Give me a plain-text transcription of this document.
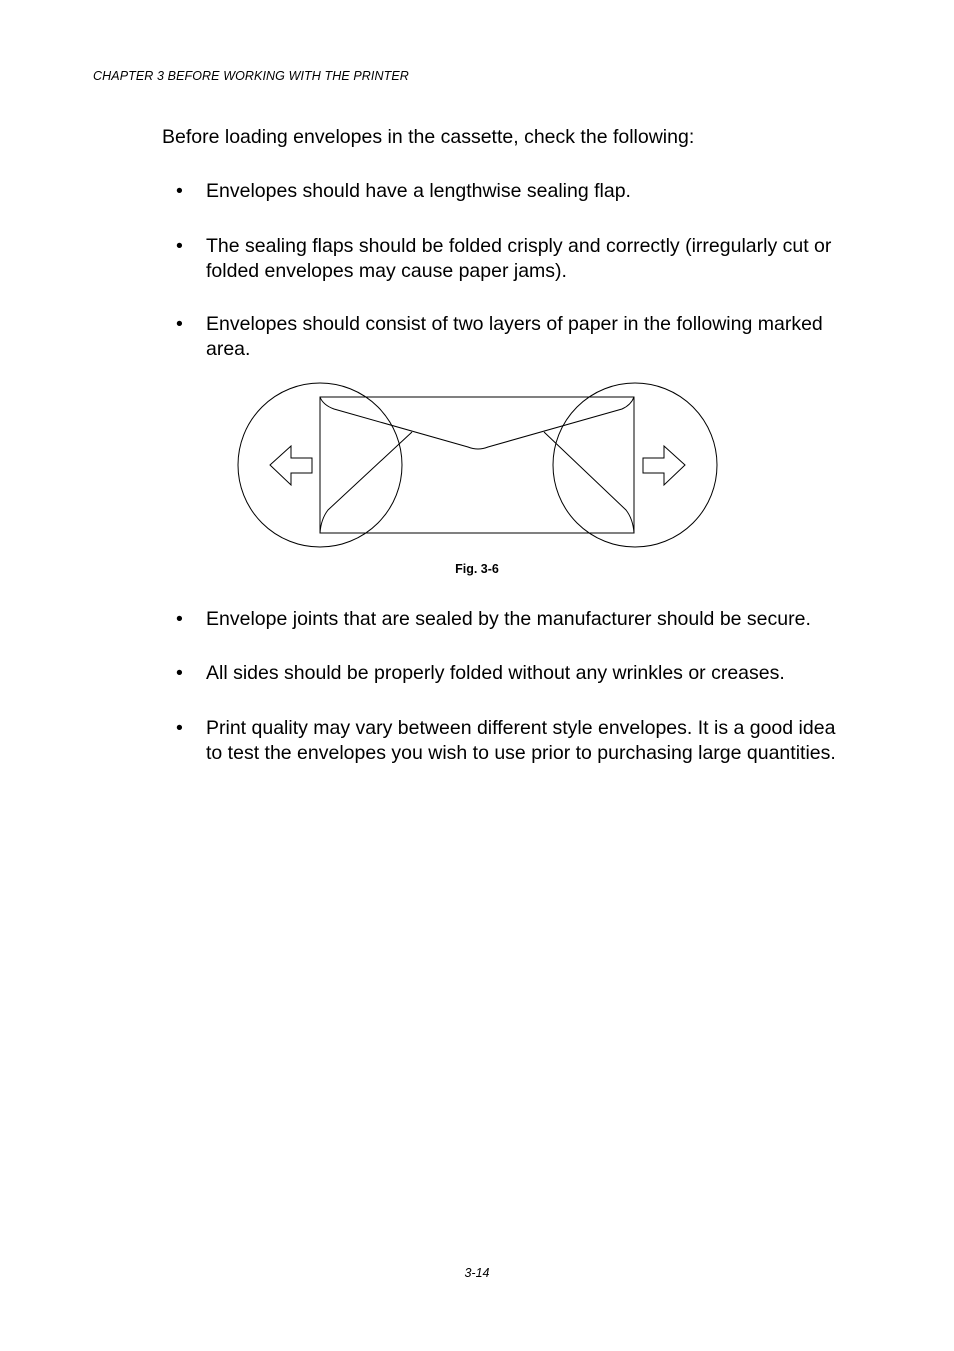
CHAPTER 3 BEFORE WORKING WITH THE PRINTER
Before loading envelopes in the cassette, check the following:
•	Envelopes should have a lengthwise sealing flap.
•	The sealing flaps should be folded crisply and correctly (irregularly cut or folded envelopes may cause paper jams).
•	Envelopes should consist of two layers of paper in the following marked area.
Fig. 3-6
•	Envelope joints that are sealed by the manufacturer should be secure.
•	All sides should be properly folded without any wrinkles or creases.
•	Print quality may vary between different style envelopes. It is a good idea to test the envelopes you wish to use prior to purchasing large quantities.
3-14
